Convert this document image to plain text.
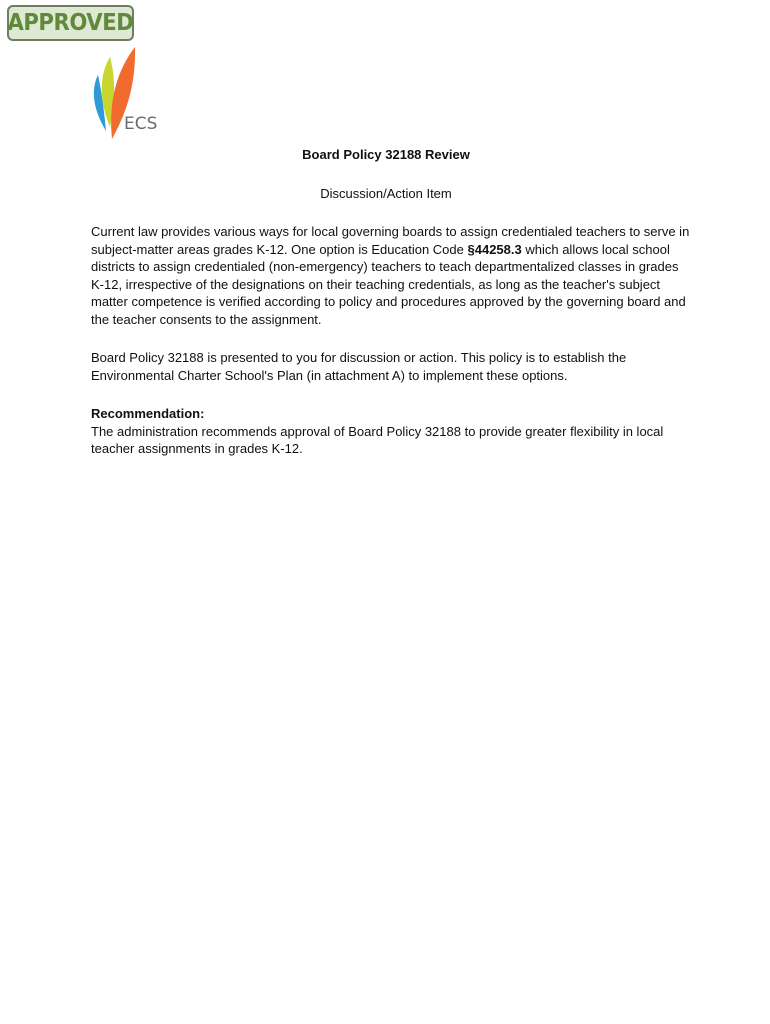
APPROVED
ECS
Board Policy 32188 Review
Discussion/Action Item

Current law provides various ways for local governing boards to assign credentialed teachers to serve in subject-matter areas grades K-12. One option is Education Code §44258.3 which allows local school districts to assign credentialed (non-emergency) teachers to teach departmentalized classes in grades K-12, irrespective of the designations on their teaching credentials, as long as the teacher's subject matter competence is verified according to policy and procedures approved by the governing board and the teacher consents to the assignment.

Board Policy 32188 is presented to you for discussion or action. This policy is to establish the Environmental Charter School's Plan (in attachment A) to implement these options.

Recommendation:

The administration recommends approval of Board Policy 32188 to provide greater flexibility in local teacher assignments in grades K-12.
